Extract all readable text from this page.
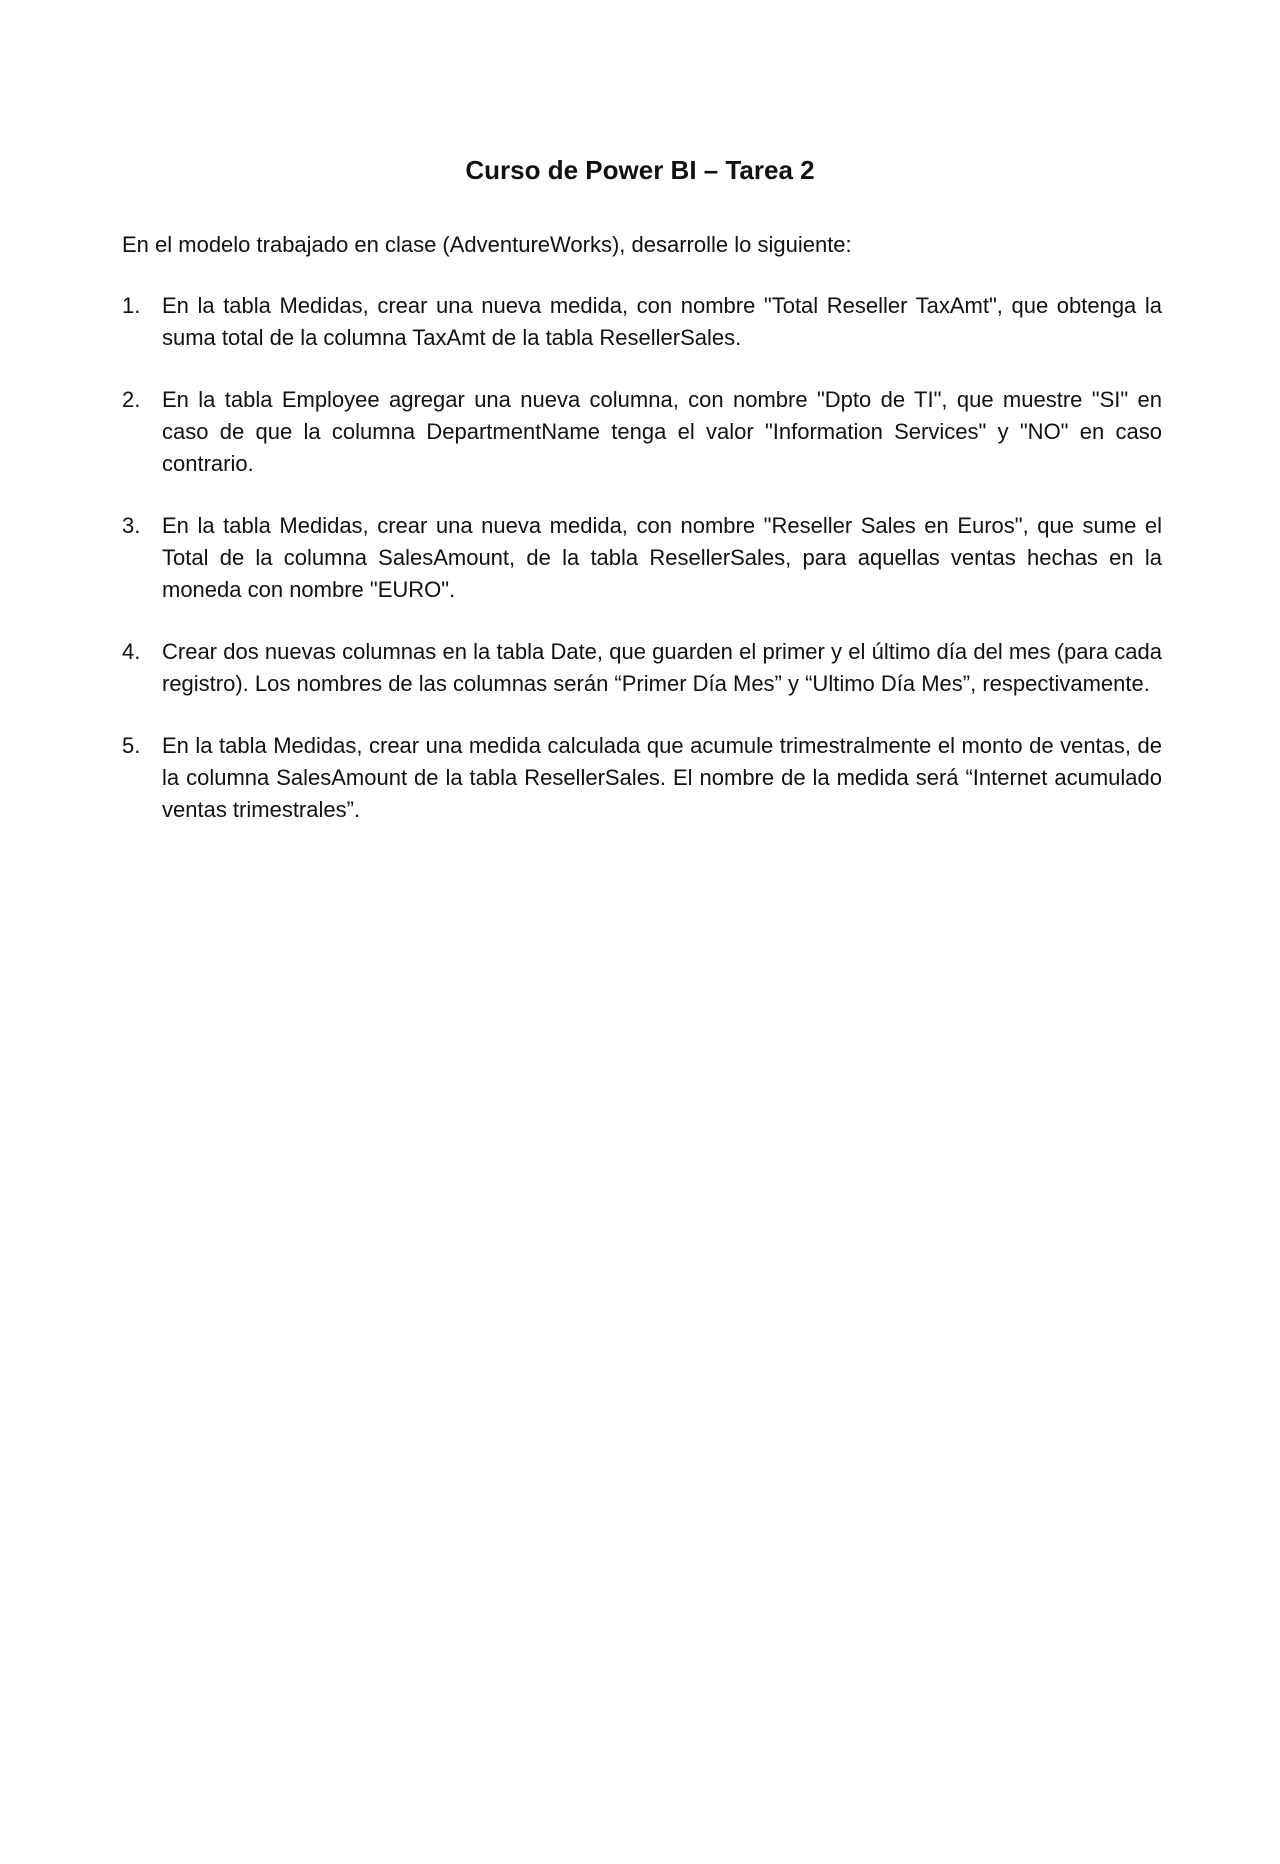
Curso de Power BI – Tarea 2
En el modelo trabajado en clase (AdventureWorks), desarrolle lo siguiente:
1. En la tabla Medidas, crear una nueva medida, con nombre "Total Reseller TaxAmt", que obtenga la suma total de la columna TaxAmt de la tabla ResellerSales.
2. En la tabla Employee agregar una nueva columna, con nombre "Dpto de TI", que muestre "SI" en caso de que la columna DepartmentName tenga el valor "Information Services" y "NO" en caso contrario.
3. En la tabla Medidas, crear una nueva medida, con nombre "Reseller Sales en Euros", que sume el Total de la columna SalesAmount, de la tabla ResellerSales, para aquellas ventas hechas en la moneda con nombre "EURO".
4. Crear dos nuevas columnas en la tabla Date, que guarden el primer y el último día del mes (para cada registro). Los nombres de las columnas serán “Primer Día Mes” y “Ultimo Día Mes”, respectivamente.
5. En la tabla Medidas, crear una medida calculada que acumule trimestralmente el monto de ventas, de la columna SalesAmount de la tabla ResellerSales. El nombre de la medida será “Internet acumulado ventas trimestrales”.
